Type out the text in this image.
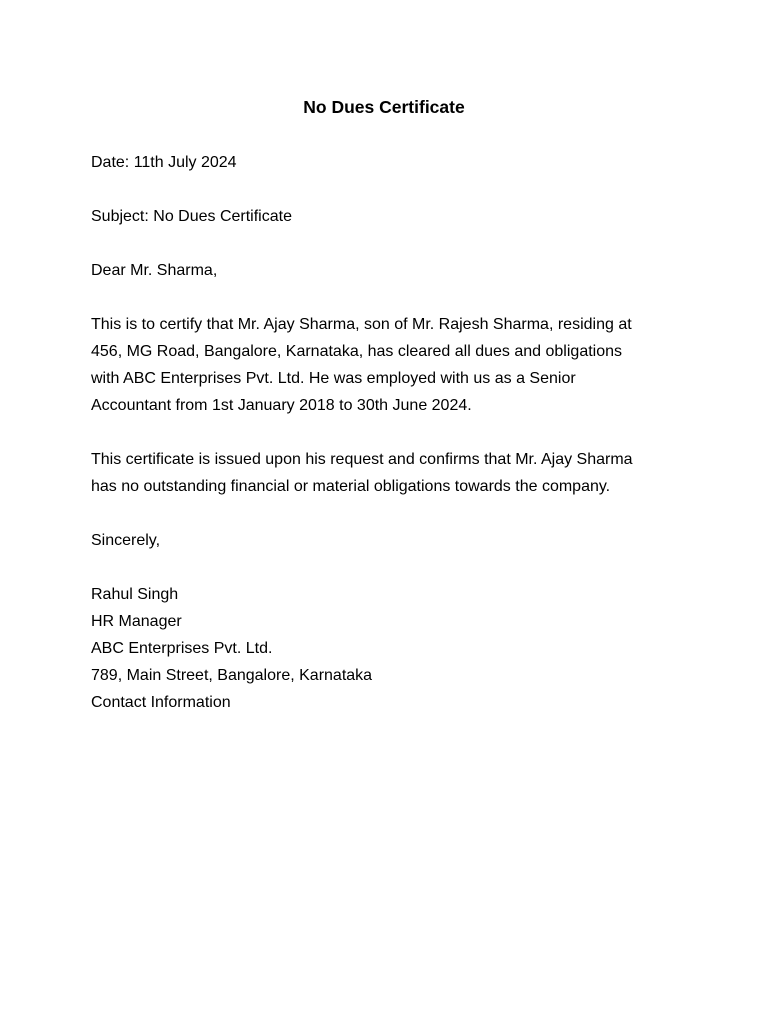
No Dues Certificate
Date: 11th July 2024
Subject: No Dues Certificate
Dear Mr. Sharma,
This is to certify that Mr. Ajay Sharma, son of Mr. Rajesh Sharma, residing at
456, MG Road, Bangalore, Karnataka, has cleared all dues and obligations
with ABC Enterprises Pvt. Ltd. He was employed with us as a Senior
Accountant from 1st January 2018 to 30th June 2024.
This certificate is issued upon his request and confirms that Mr. Ajay Sharma
has no outstanding financial or material obligations towards the company.
Sincerely,
Rahul Singh
HR Manager
ABC Enterprises Pvt. Ltd.
789, Main Street, Bangalore, Karnataka
Contact Information
